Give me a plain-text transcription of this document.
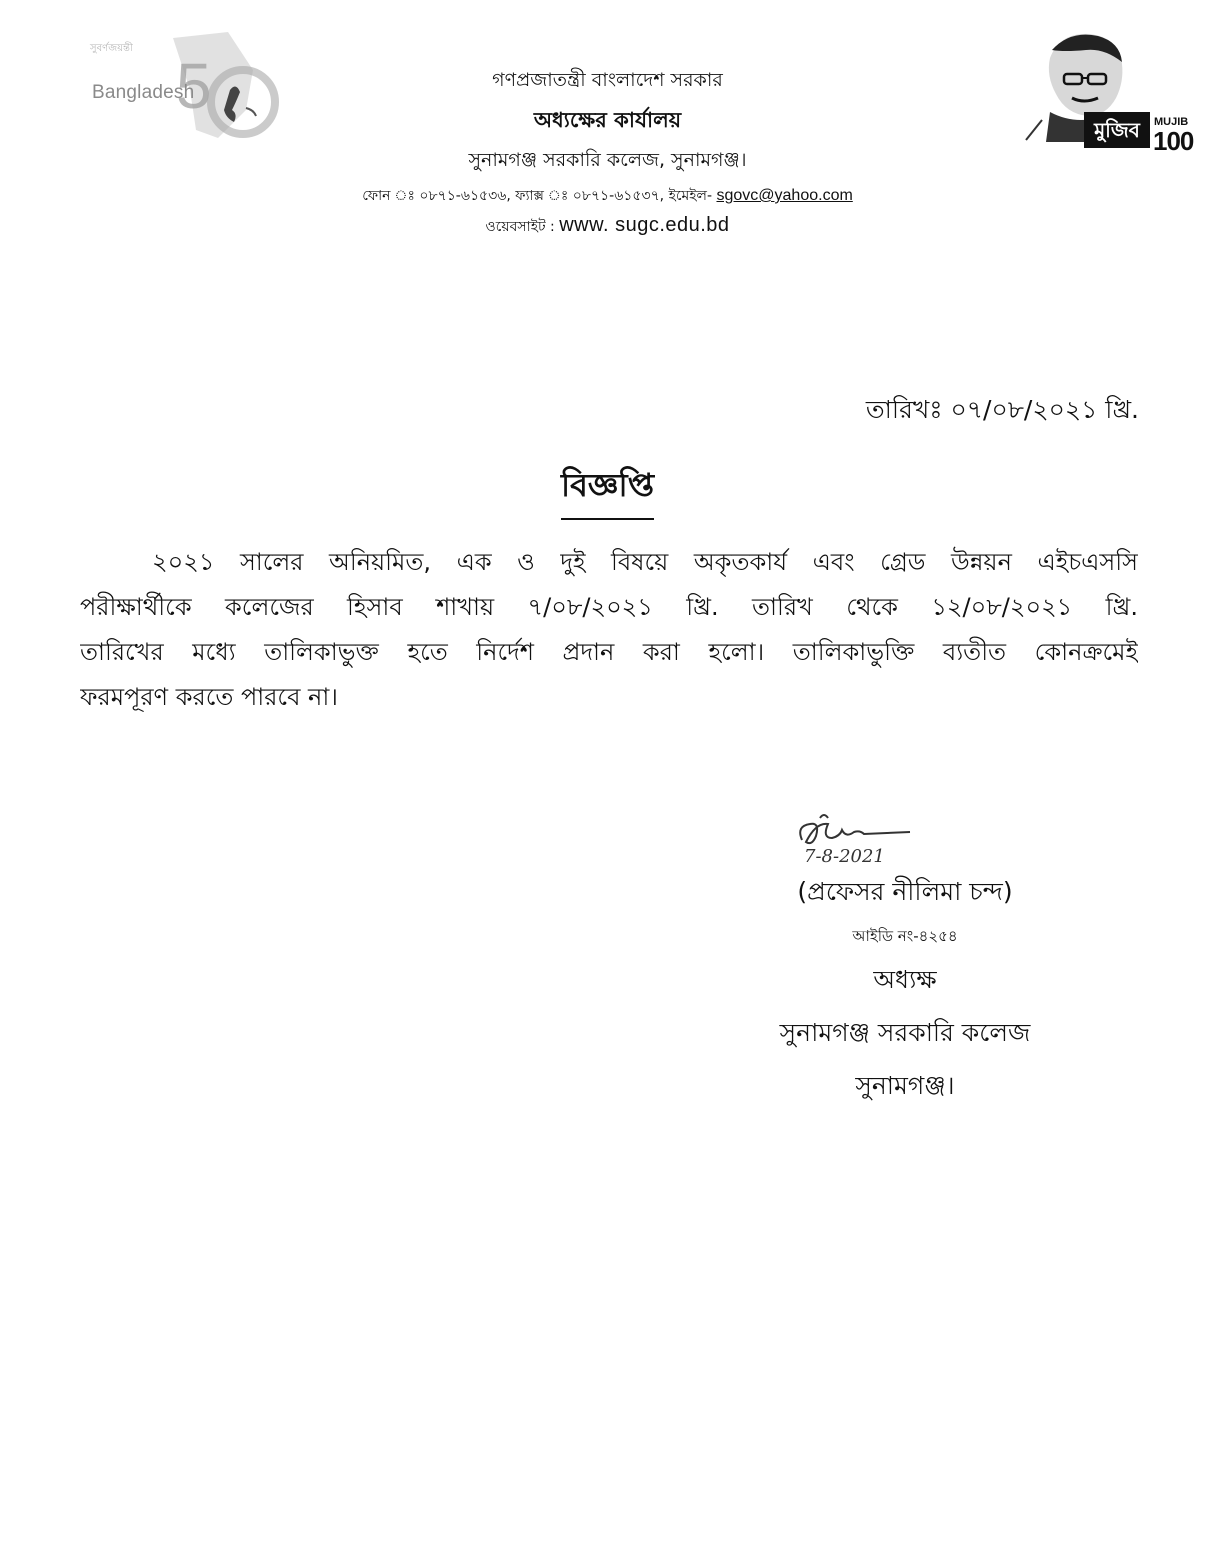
5
সুবর্ণজয়ন্তী
Bangladesh
মুজিব	MUJIB
100
গণপ্রজাতন্ত্রী বাংলাদেশ সরকার
অধ্যক্ষের কার্যালয়
সুনামগঞ্জ সরকারি কলেজ, সুনামগঞ্জ।
ফোন ঃ ০৮৭১-৬১৫৩৬, ফ্যাক্স ঃ ০৮৭১-৬১৫৩৭, ইমেইল- sgovc@yahoo.com
ওয়েবসাইট : www. sugc.edu.bd
তারিখঃ ০৭/০৮/২০২১ খ্রি.
বিজ্ঞপ্তি
২০২১ সালের অনিয়মিত, এক ও দুই বিষয়ে অকৃতকার্য এবং গ্রেড উন্নয়ন এইচএসসি
পরীক্ষার্থীকে কলেজের হিসাব শাখায় ৭/০৮/২০২১ খ্রি. তারিখ থেকে ১২/০৮/২০২১ খ্রি.
তারিখের মধ্যে তালিকাভুক্ত হতে নির্দেশ প্রদান করা হলো। তালিকাভুক্তি ব্যতীত কোনক্রমেই
ফরমপূরণ করতে পারবে না।
7-8-2021
(প্রফেসর নীলিমা চন্দ)
আইডি নং-৪২৫৪
অধ্যক্ষ
সুনামগঞ্জ সরকারি কলেজ
সুনামগঞ্জ।
